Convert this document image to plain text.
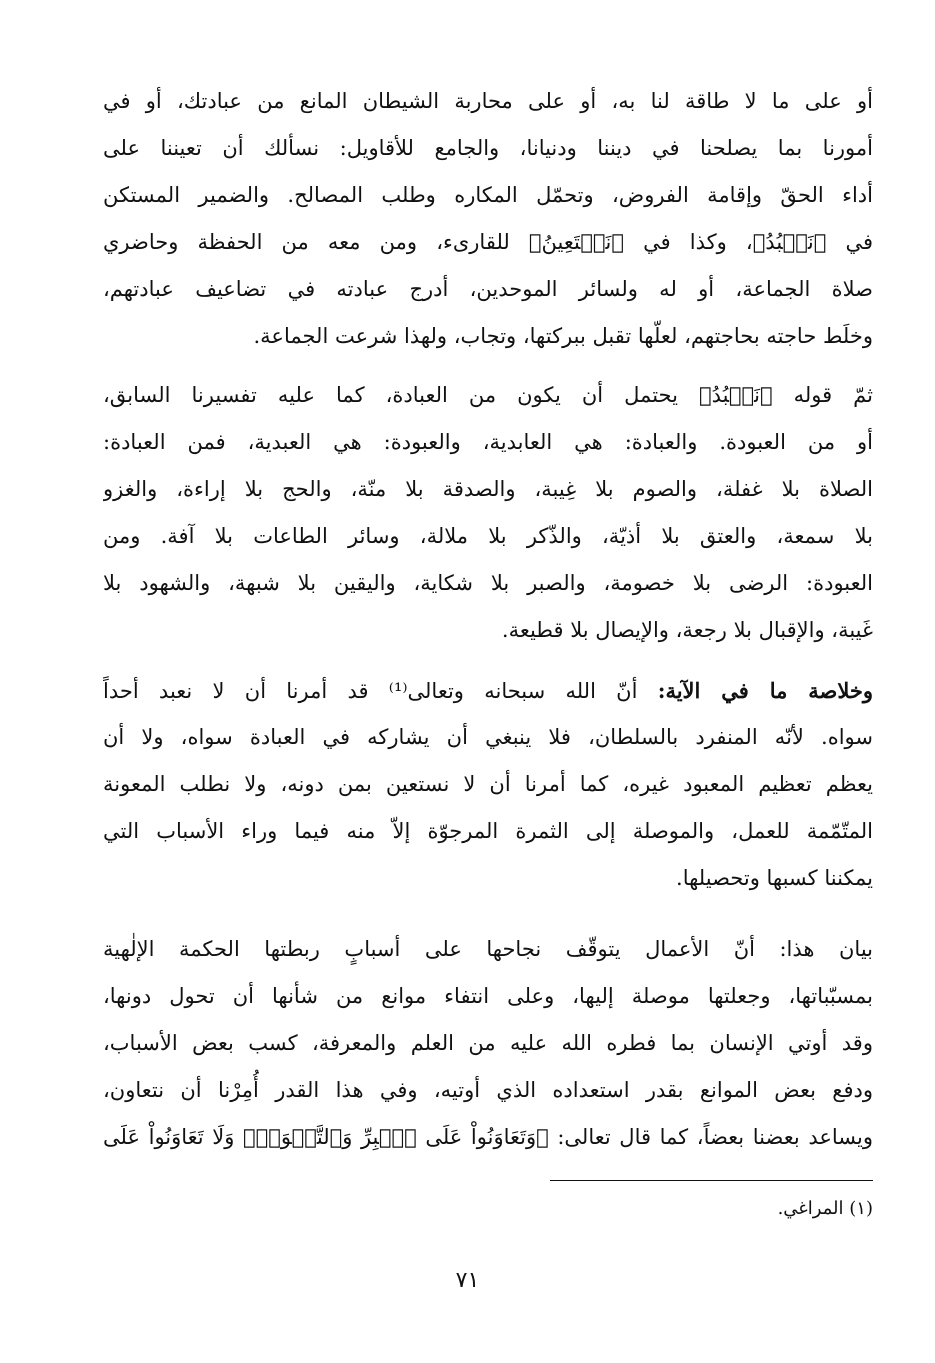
أو على ما لا طاقة لنا به، أو على محاربة الشيطان المانع من عبادتك، أو في
أمورنا بما يصلحنا في ديننا ودنيانا، والجامع للأقاويل: نسألك أن تعيننا على
أداء الحقّ وإقامة الفروض، وتحمّل المكاره وطلب المصالح. والضمير المستكن
في ﴿نَعۡبُدُ﴾، وكذا في ﴿نَسۡتَعِينُ﴾ للقارىء، ومن معه من الحفظة وحاضري
صلاة الجماعة، أو له ولسائر الموحدين، أدرج عبادته في تضاعيف عبادتهم،
وخلَط حاجته بحاجتهم، لعلّها تقبل ببركتها، وتجاب، ولهذا شرعت الجماعة.
ثمّ قوله ﴿نَعۡبُدُ﴾ يحتمل أن يكون من العبادة، كما عليه تفسيرنا السابق،
أو من العبودة. والعبادة: هي العابدية، والعبودة: هي العبدية، فمن العبادة:
الصلاة بلا غفلة، والصوم بلا غِيبة، والصدقة بلا منّة، والحج بلا إراءة، والغزو
بلا سمعة، والعتق بلا أذيّة، والذّكر بلا ملالة، وسائر الطاعات بلا آفة. ومن
العبودة: الرضى بلا خصومة، والصبر بلا شكاية، واليقين بلا شبهة، والشهود بلا
غَيبة، والإقبال بلا رجعة، والإيصال بلا قطيعة.
وخلاصة ما في الآية: أنّ الله سبحانه وتعالى⁽¹⁾ قد أمرنا أن لا نعبد أحداً
سواه. لأنّه المنفرد بالسلطان، فلا ينبغي أن يشاركه في العبادة سواه، ولا أن
يعظم تعظيم المعبود غيره، كما أمرنا أن لا نستعين بمن دونه، ولا نطلب المعونة
المتّمّمة للعمل، والموصلة إلى الثمرة المرجوّة إلاّ منه فيما وراء الأسباب التي
يمكننا كسبها وتحصيلها.
بيان هذا: أنّ الأعمال يتوقّف نجاحها على أسبابٍ ربطتها الحكمة الإلٰهية
بمسبّباتها، وجعلتها موصلة إليها، وعلى انتفاء موانع من شأنها أن تحول دونها،
وقد أوتي الإنسان بما فطره الله عليه من العلم والمعرفة، كسب بعض الأسباب،
ودفع بعض الموانع بقدر استعداده الذي أوتيه، وفي هذا القدر أُمِرْنا أن نتعاون،
ويساعد بعضنا بعضاً، كما قال تعالى: ﴿وَتَعَاوَنُواْ عَلَى ٱلۡبِرِّ وَٱلتَّقۡوَىٰۖ وَلَا تَعَاوَنُواْ عَلَى
(١) المراغي.
٧١
